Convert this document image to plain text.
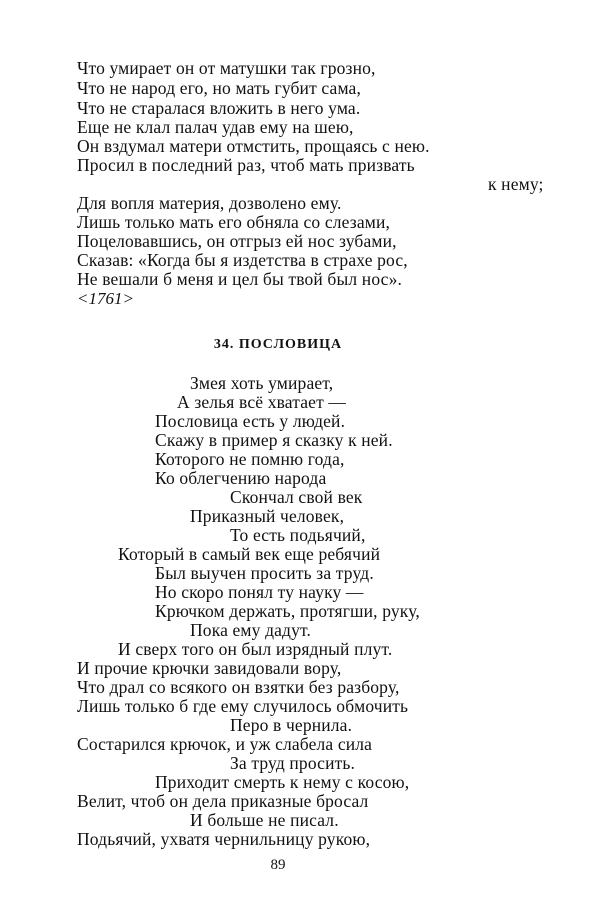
Что умирает он от матушки так грозно,
Что не народ его, но мать губит сама,
Что не старалася вложить в него ума.
Еще не клал палач удав ему на шею,
Он вздумал матери отмстить, прощаясь с нею.
Просил в последний раз, чтоб мать призвать
к нему;
Для вопля материя, дозволено ему.
Лишь только мать его обняла со слезами,
Поцеловавшись, он отгрыз ей нос зубами,
Сказав: «Когда бы я издетства в страхе рос,
Не вешали б меня и цел бы твой был нос».
<1761>
34. ПОСЛОВИЦА
Змея хоть умирает,
А зелья всё хватает —
Пословица есть у людей.
Скажу в пример я сказку к ней.
Которого не помню года,
Ко облегчению народа
Скончал свой век
Приказный человек,
То есть подьячий,
Который в самый век еще ребячий
Был выучен просить за труд.
Но скоро понял ту науку —
Крючком держать, протягши, руку,
Пока ему дадут.
И сверх того он был изрядный плут.
И прочие крючки завидовали вору,
Что драл со всякого он взятки без разбору,
Лишь только б где ему случилось обмочить
Перо в чернила.
Состарился крючок, и уж слабела сила
За труд просить.
Приходит смерть к нему с косою,
Велит, чтоб он дела приказные бросал
И больше не писал.
Подьячий, ухватя чернильницу рукою,
89
